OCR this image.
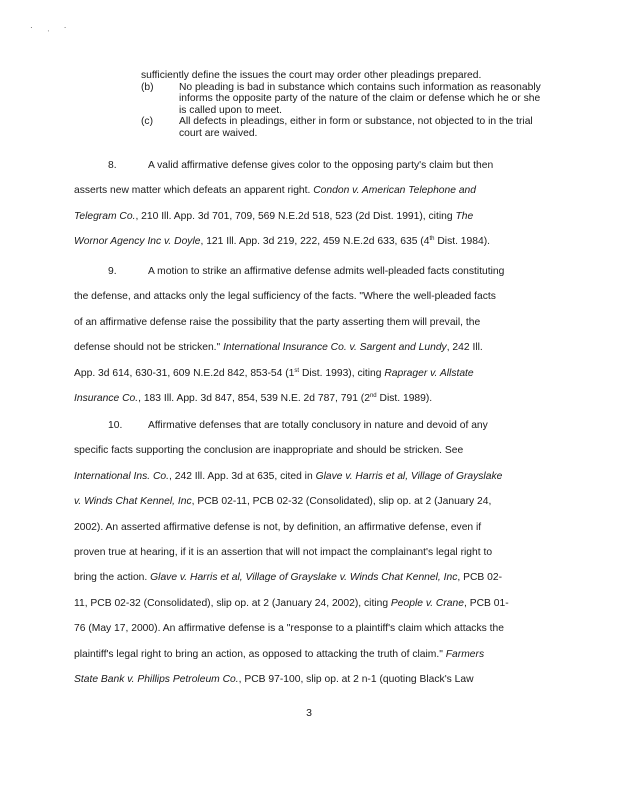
· ˌ ·
sufficiently define the issues the court may order other pleadings prepared.
(b)	No pleading is bad in substance which contains such information as reasonably informs the opposite party of the nature of the claim or defense which he or she is called upon to meet.
(c)	All defects in pleadings, either in form or substance, not objected to in the trial court are waived.
8.	A valid affirmative defense gives color to the opposing party's claim but then
asserts new matter which defeats an apparent right. Condon v. American Telephone and
Telegram Co., 210 Ill. App. 3d 701, 709, 569 N.E.2d 518, 523 (2d Dist. 1991), citing The
Wornor Agency Inc v. Doyle, 121 Ill. App. 3d 219, 222, 459 N.E.2d 633, 635 (4th Dist. 1984).
9.	A motion to strike an affirmative defense admits well-pleaded facts constituting
the defense, and attacks only the legal sufficiency of the facts. "Where the well-pleaded facts
of an affirmative defense raise the possibility that the party asserting them will prevail, the
defense should not be stricken." International Insurance Co. v. Sargent and Lundy, 242 Ill.
App. 3d 614, 630-31, 609 N.E.2d 842, 853-54 (1st Dist. 1993), citing Raprager v. Allstate
Insurance Co., 183 Ill. App. 3d 847, 854, 539 N.E. 2d 787, 791 (2nd Dist. 1989).
10. Affirmative defenses that are totally conclusory in nature and devoid of any
specific facts supporting the conclusion are inappropriate and should be stricken. See
International Ins. Co., 242 Ill. App. 3d at 635, cited in Glave v. Harris et al, Village of Grayslake
v. Winds Chat Kennel, Inc, PCB 02-11, PCB 02-32 (Consolidated), slip op. at 2 (January 24,
2002). An asserted affirmative defense is not, by definition, an affirmative defense, even if
proven true at hearing, if it is an assertion that will not impact the complainant's legal right to
bring the action. Glave v. Harris et al, Village of Grayslake v. Winds Chat Kennel, Inc, PCB 02-
11, PCB 02-32 (Consolidated), slip op. at 2 (January 24, 2002), citing People v. Crane, PCB 01-
76 (May 17, 2000). An affirmative defense is a "response to a plaintiff's claim which attacks the
plaintiff's legal right to bring an action, as opposed to attacking the truth of claim." Farmers
State Bank v. Phillips Petroleum Co., PCB 97-100, slip op. at 2 n-1 (quoting Black's Law
3
